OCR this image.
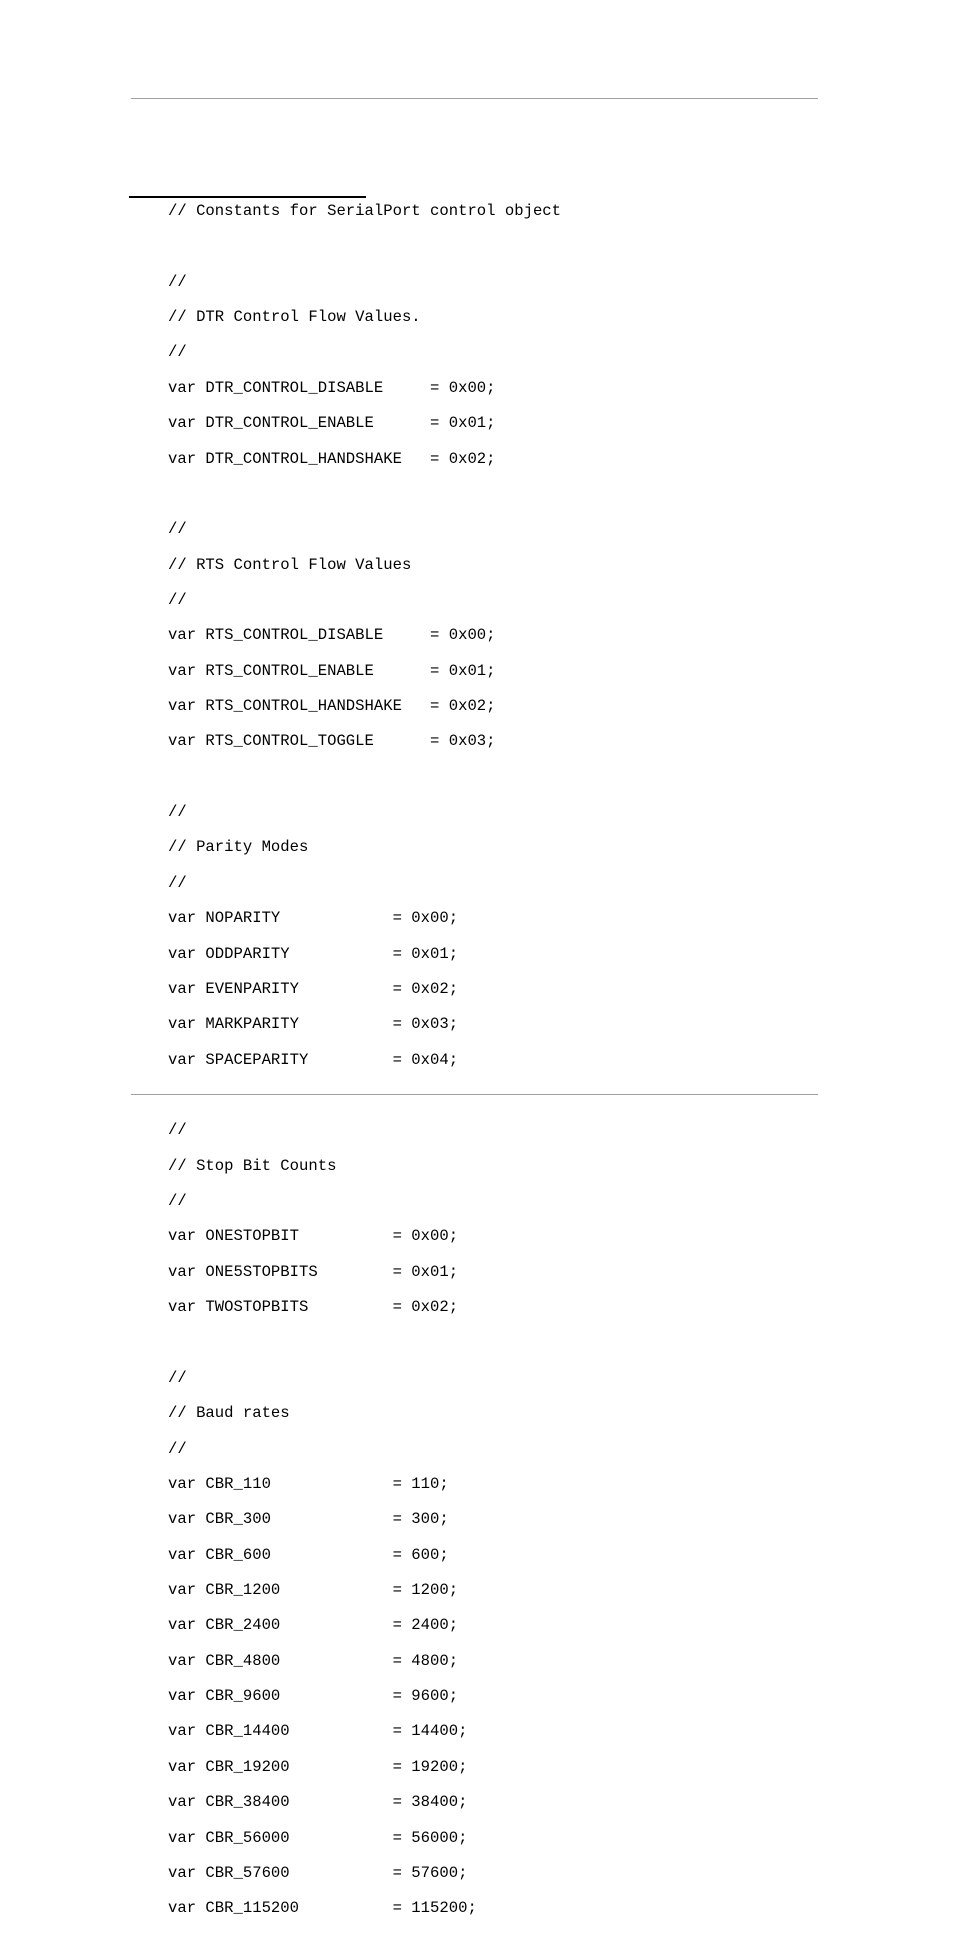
// Constants for SerialPort control object

//

// DTR Control Flow Values.

//

var DTR_CONTROL_DISABLE     = 0x00;

var DTR_CONTROL_ENABLE      = 0x01;

var DTR_CONTROL_HANDSHAKE   = 0x02;

//

// RTS Control Flow Values

//

var RTS_CONTROL_DISABLE     = 0x00;

var RTS_CONTROL_ENABLE      = 0x01;

var RTS_CONTROL_HANDSHAKE   = 0x02;

var RTS_CONTROL_TOGGLE      = 0x03;

//

// Parity Modes

//

var NOPARITY            = 0x00;

var ODDPARITY           = 0x01;

var EVENPARITY          = 0x02;

var MARKPARITY          = 0x03;

var SPACEPARITY         = 0x04;

//

// Stop Bit Counts

//

var ONESTOPBIT          = 0x00;

var ONE5STOPBITS        = 0x01;

var TWOSTOPBITS         = 0x02;

//

// Baud rates

//

var CBR_110             = 110;

var CBR_300             = 300;

var CBR_600             = 600;

var CBR_1200            = 1200;

var CBR_2400            = 2400;

var CBR_4800            = 4800;

var CBR_9600            = 9600;

var CBR_14400           = 14400;

var CBR_19200           = 19200;

var CBR_38400           = 38400;

var CBR_56000           = 56000;

var CBR_57600           = 57600;

var CBR_115200          = 115200;
